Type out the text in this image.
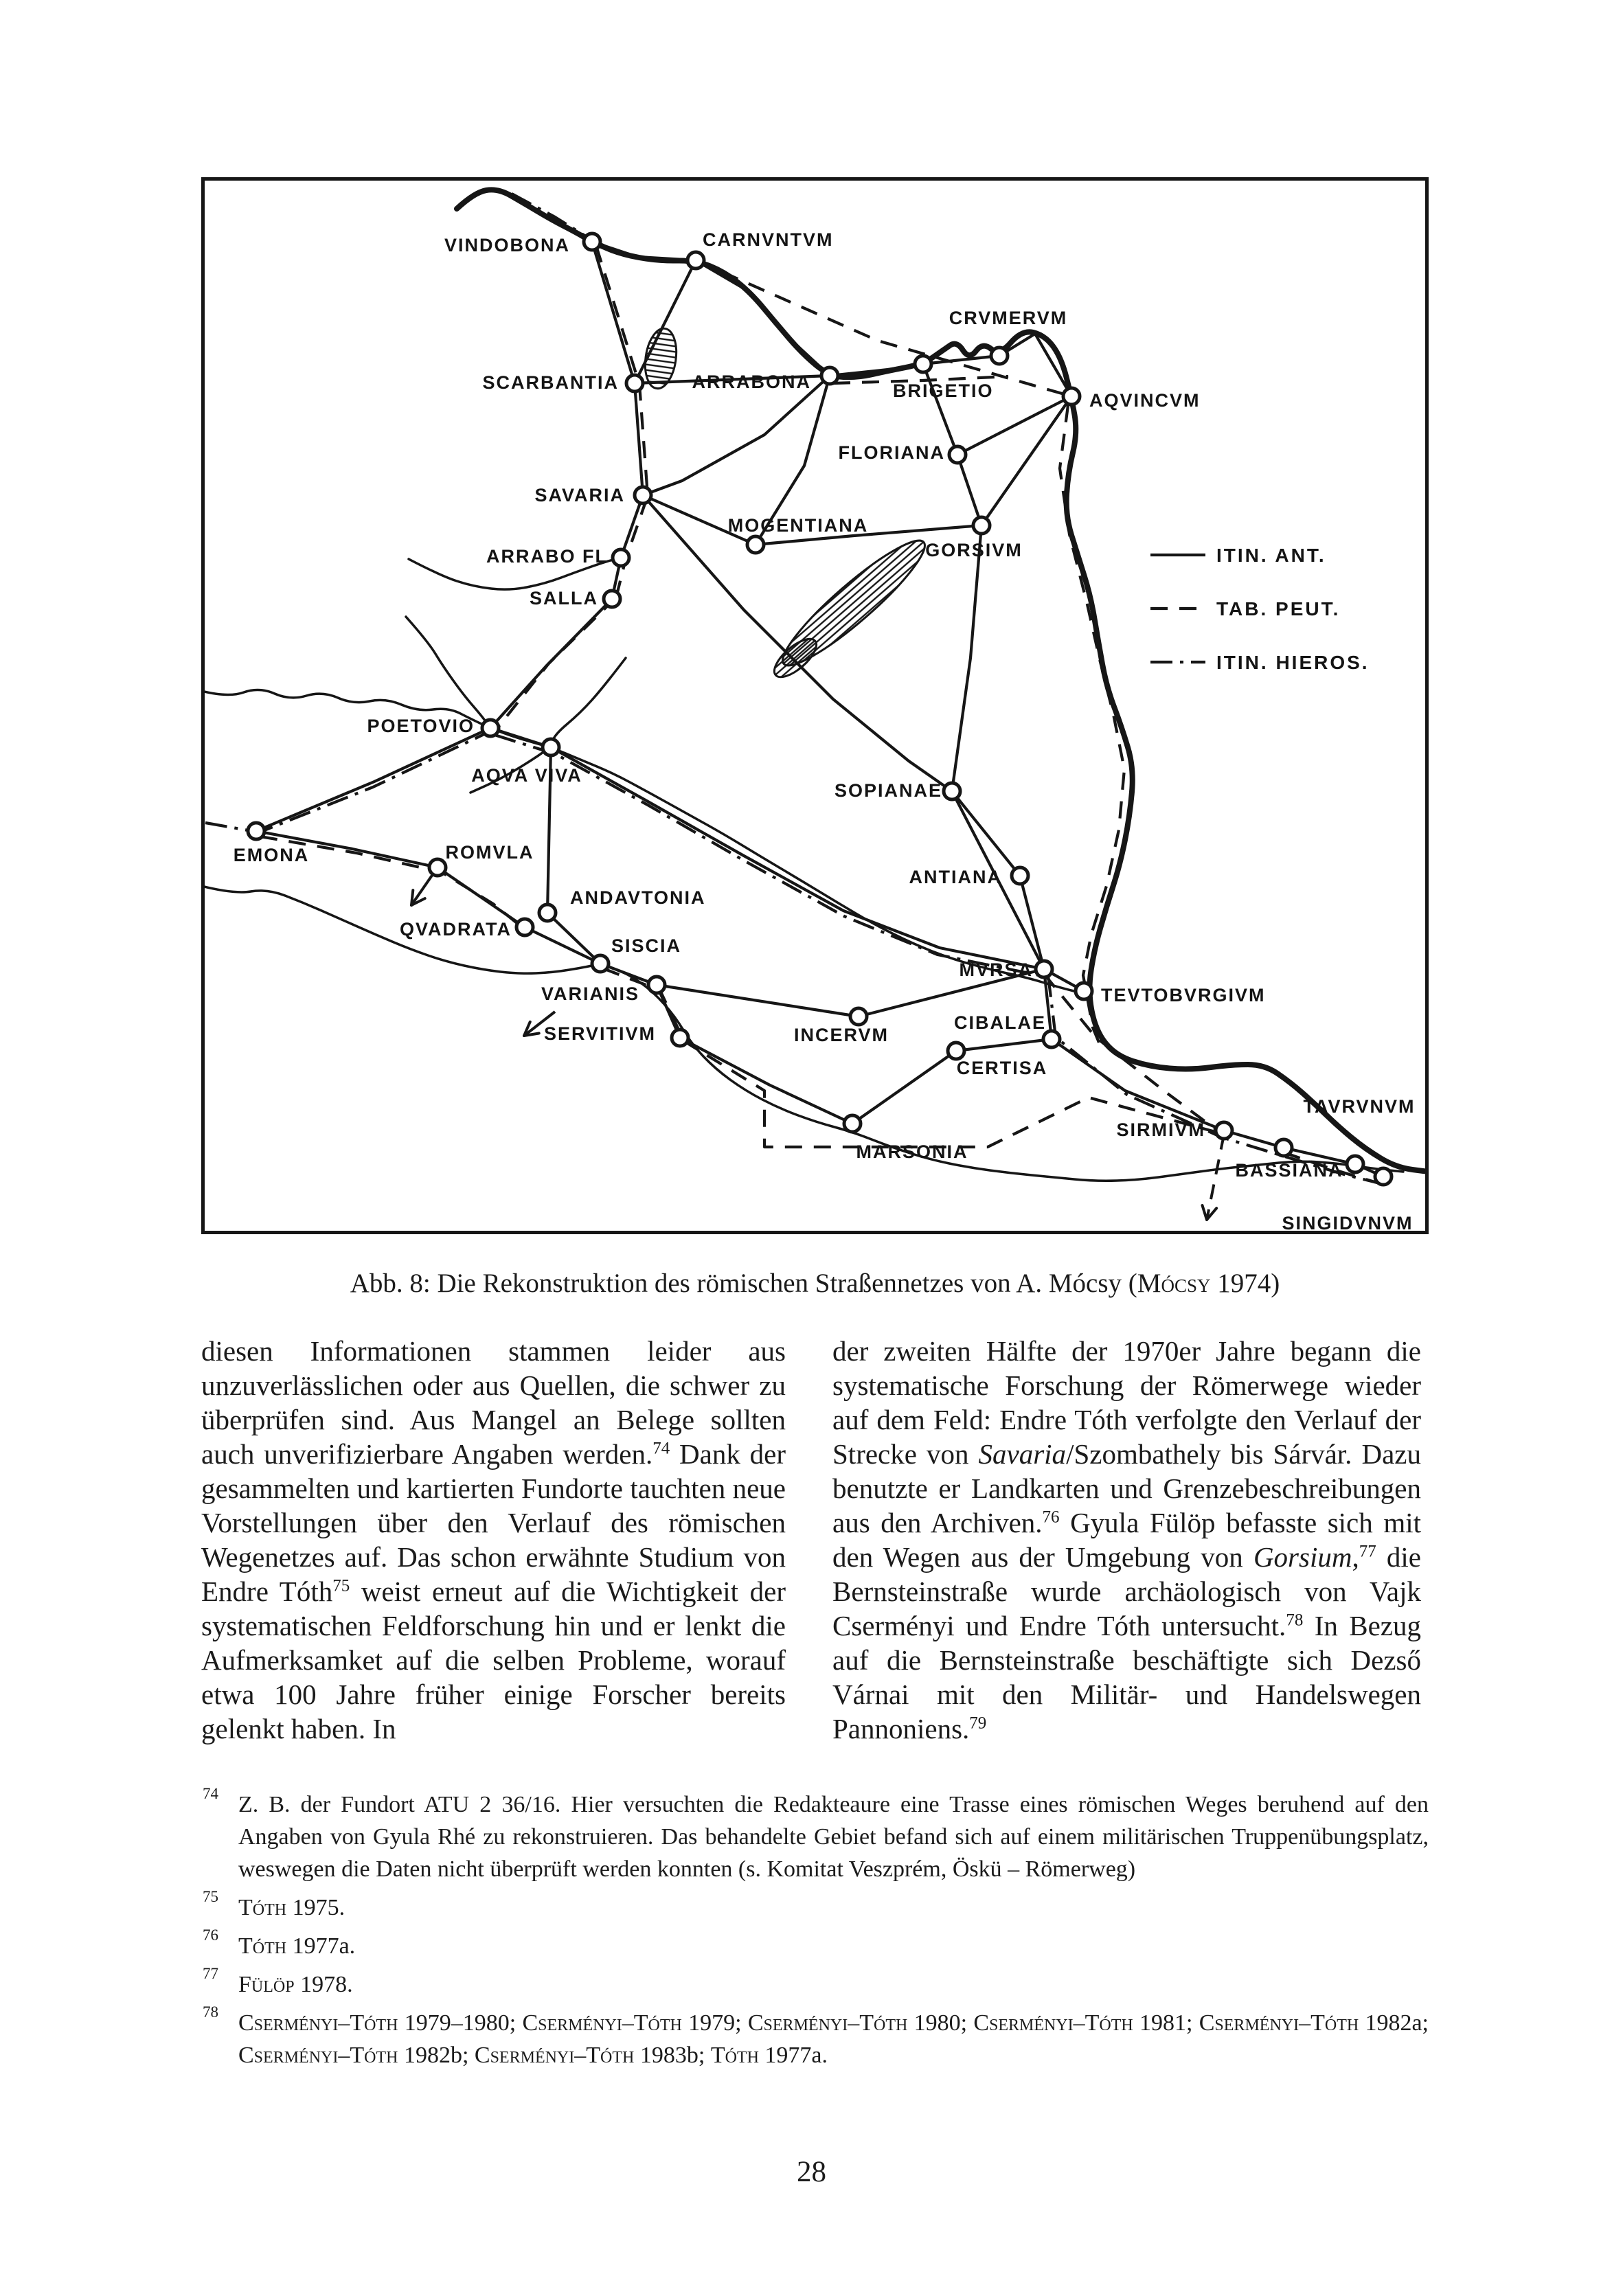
VINDOBONA	CARNVNTVM
SCARBANTIA	ARRABONA	BRIGETIO
CRVMERVM
AQVINCVM
FLORIANA
GORSIVM
SAVARIA
MOGENTIANA
ARRABO FL
SALLA
POETOVIO
AQVA VIVA
EMONA	ROMVLA
ANDAVTONIA
QVADRATA
SISCIA
VARIANIS
SERVITIVM	INCERVM
SOPIANAE
ANTIANA
MVRSA
TEVTOBVRGIVM
CIBALAE
CERTISA
MARSONIA
SIRMIVM
BASSIANA
TAVRVNVM
SINGIDVNVM
ITIN. ANT.
TAB. PEUT.
ITIN. HIEROS.
Abb. 8: Die Rekonstruktion des römischen Straßennetzes von A. Mócsy (Mócsy 1974)
diesen Informationen stammen leider aus unzuverlässlichen oder aus Quellen, die schwer zu überprüfen sind. Aus Mangel an Belege sollten auch unverifizierbare Angaben werden.$^{74}$ Dank der gesammelten und kartierten Fundorte tauchten neue Vorstellungen über den Verlauf des römischen Wegenetzes auf. Das schon erwähnte Studium von Endre Tóth$^{75}$ weist erneut auf die Wichtigkeit der systematischen Feldforschung hin und er lenkt die Aufmerksamket auf die selben Probleme, worauf etwa 100 Jahre früher einige Forscher bereits gelenkt haben. In
der zweiten Hälfte der 1970er Jahre begann die systematische Forschung der Römerwege wieder auf dem Feld: Endre Tóth verfolgte den Verlauf der Strecke von Savaria/Szombathely bis Sárvár. Dazu benutzte er Landkarten und Grenzebeschreibungen aus den Archiven.$^{76}$ Gyula Fülöp befasste sich mit den Wegen aus der Umgebung von Gorsium,$^{77}$ die Bernsteinstraße wurde archäologisch von Vajk Cserményi und Endre Tóth untersucht.$^{78}$ In Bezug auf die Bernsteinstraße beschäftigte sich Dezső Várnai mit den Militär- und Handelswegen Pannoniens.$^{79}$
74 Z. B. der Fundort ATU 2 36/16. Hier versuchten die Redakteaure eine Trasse eines römischen Weges beruhend auf den Angaben von Gyula Rhé zu rekonstruieren. Das behandelte Gebiet befand sich auf einem militärischen Truppenübungsplatz, weswegen die Daten nicht überprüft werden konnten (s. Komitat Veszprém, Öskü – Römerweg)
75 Tóth 1975.
76 Tóth 1977a.
77 Fülöp 1978.
78 Cserményi–Tóth 1979–1980; Cserményi–Tóth 1979; Cserményi–Tóth 1980; Cserményi–Tóth 1981; Cserményi–Tóth 1982a; Cserményi–Tóth 1982b; Cserményi–Tóth 1983b; Tóth 1977a.
28
